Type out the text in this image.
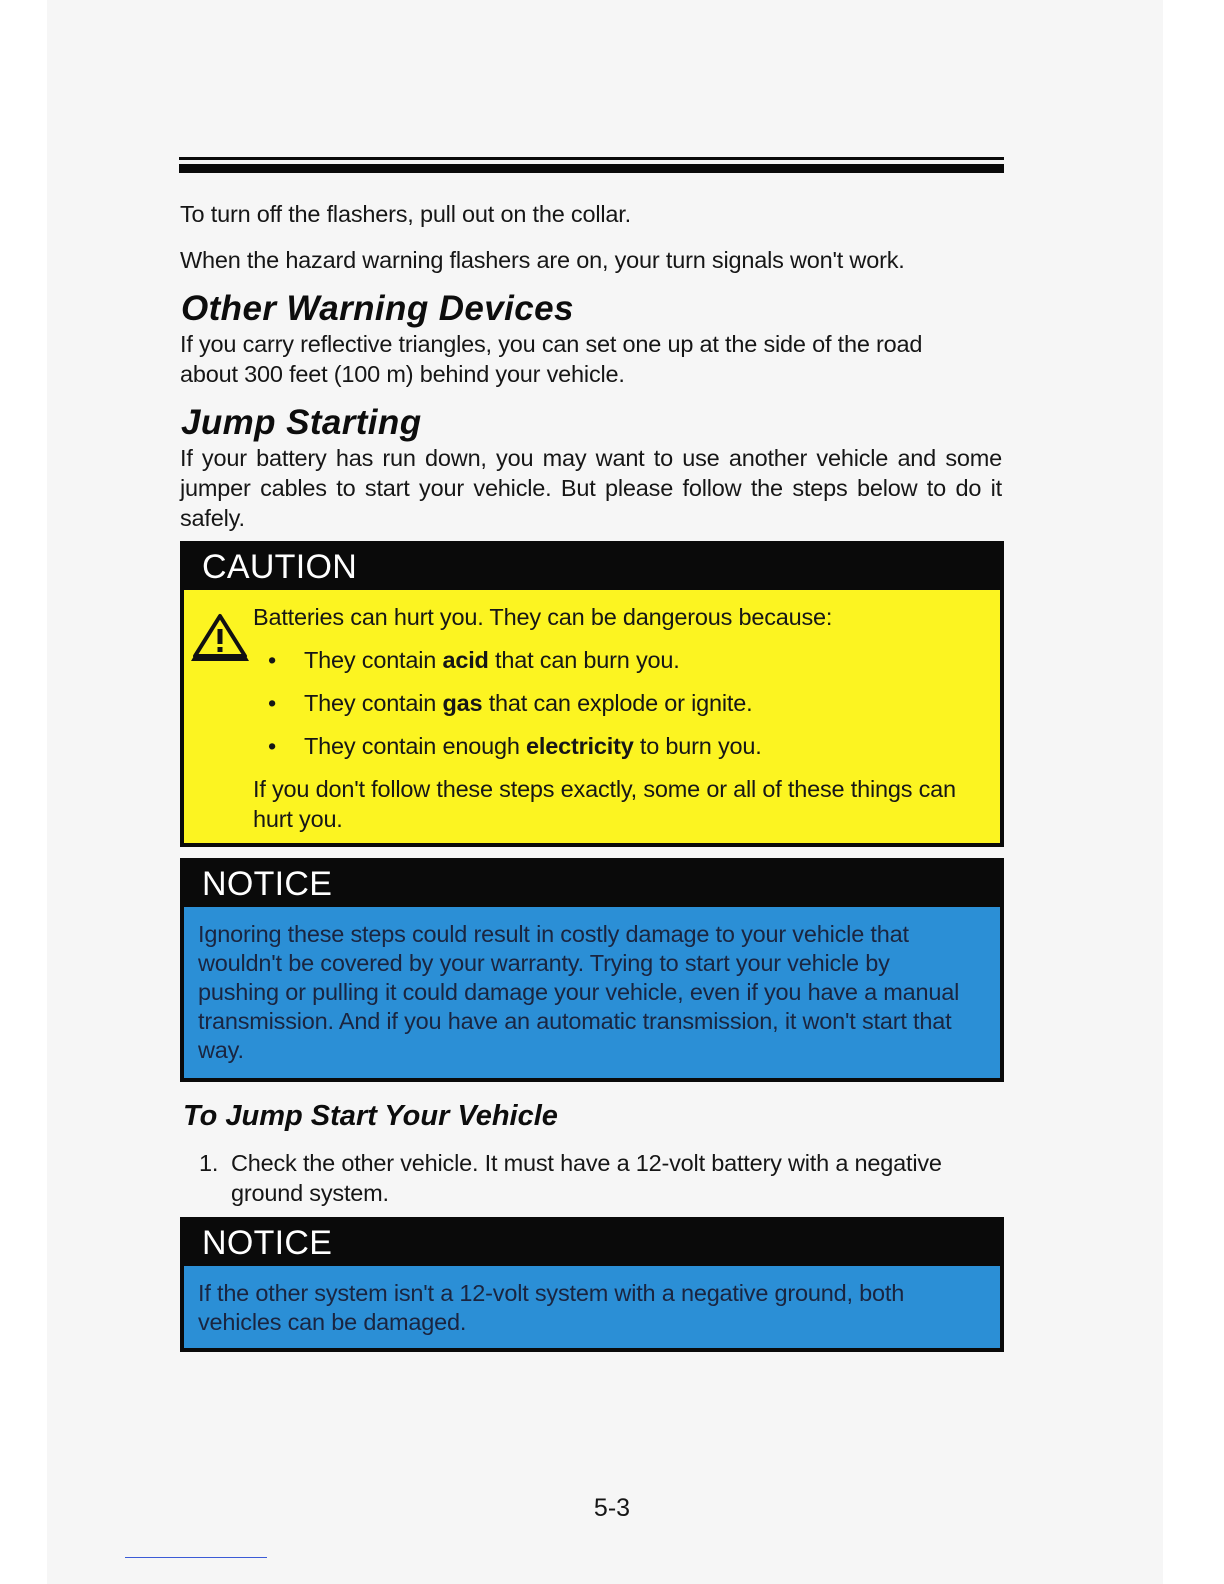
To turn off the flashers, pull out on the collar.

When the hazard warning flashers are on, your turn signals won't work.

Other Warning Devices

If you carry reflective triangles, you can set one up at the side of the road about 300 feet (100 m) behind your vehicle.

Jump Starting

If your battery has run down, you may want to use another vehicle and some jumper cables to start your vehicle. But please follow the steps below to do it safely.

CAUTION

Batteries can hurt you. They can be dangerous because:

• They contain acid that can burn you.
• They contain gas that can explode or ignite.
• They contain enough electricity to burn you.

If you don't follow these steps exactly, some or all of these things can hurt you.

NOTICE

Ignoring these steps could result in costly damage to your vehicle that wouldn't be covered by your warranty. Trying to start your vehicle by pushing or pulling it could damage your vehicle, even if you have a manual transmission. And if you have an automatic transmission, it won't start that way.

To Jump Start Your Vehicle

1. Check the other vehicle. It must have a 12-volt battery with a negative ground system.

NOTICE

If the other system isn't a 12-volt system with a negative ground, both vehicles can be damaged.

5-3
